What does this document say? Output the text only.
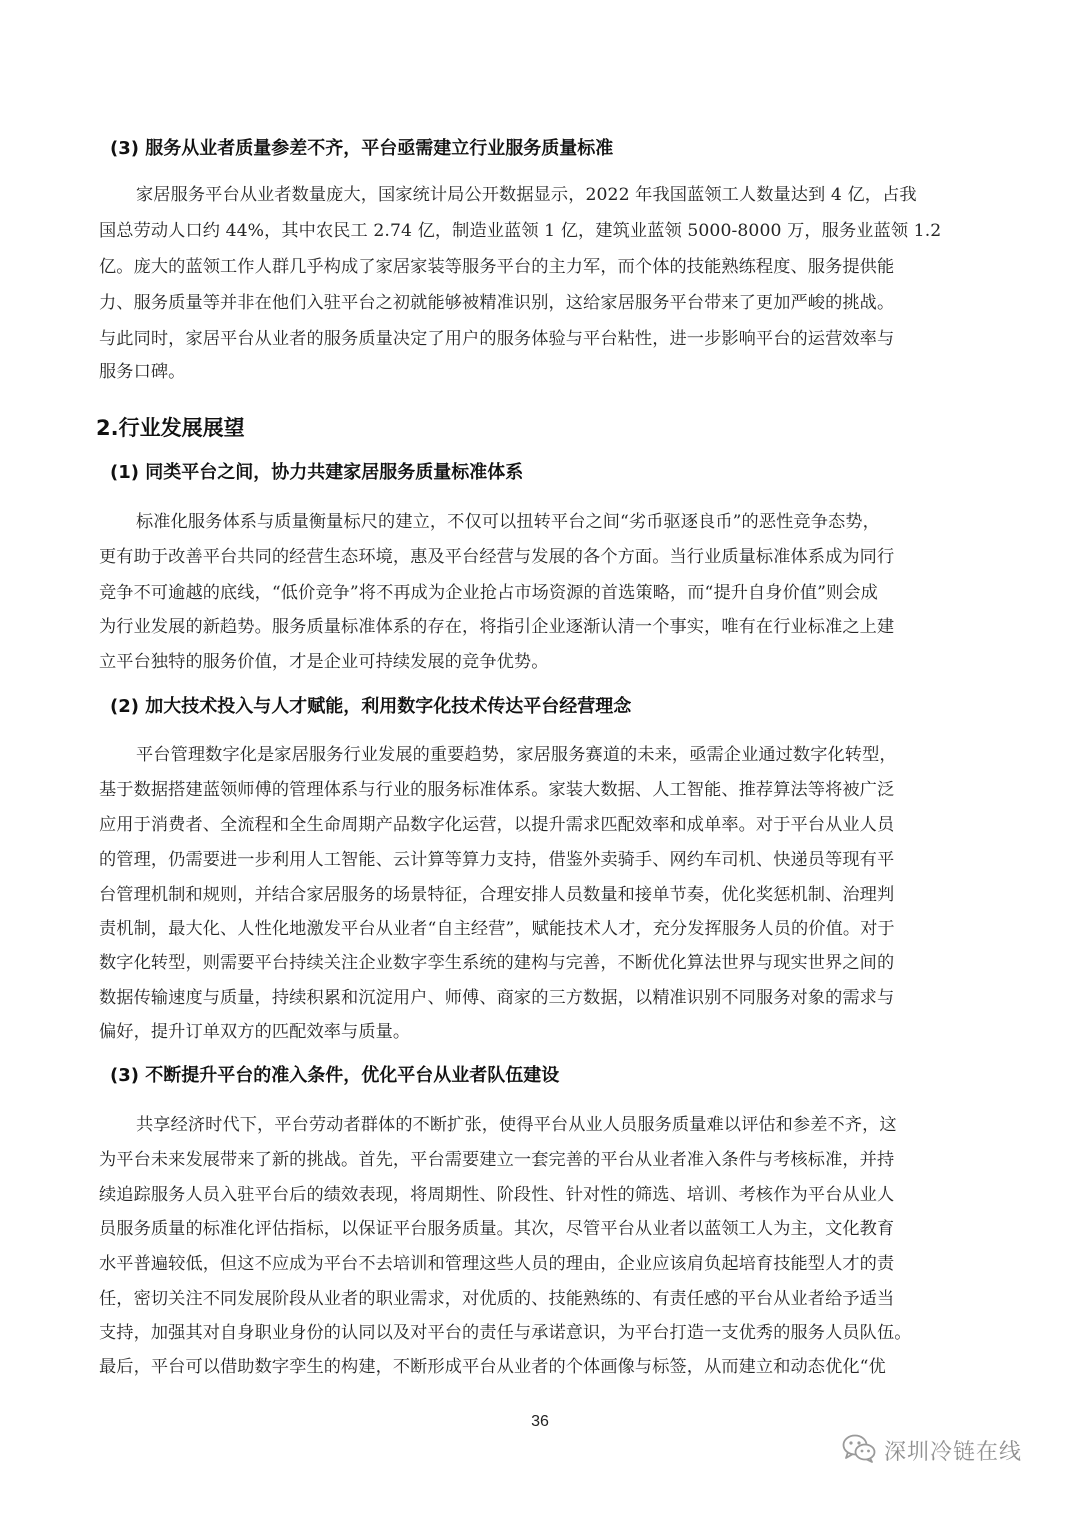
(3) 服务从业者质量参差不齐，平台亟需建立行业服务质量标准
家居服务平台从业者数量庞大，国家统计局公开数据显示，2022 年我国蓝领工人数量达到 4 亿，占我
国总劳动人口约 44%，其中农民工 2.74 亿，制造业蓝领 1 亿，建筑业蓝领 5000-8000 万，服务业蓝领 1.2
亿。庞大的蓝领工作人群几乎构成了家居家装等服务平台的主力军，而个体的技能熟练程度、服务提供能
力、服务质量等并非在他们入驻平台之初就能够被精准识别，这给家居服务平台带来了更加严峻的挑战。
与此同时，家居平台从业者的服务质量决定了用户的服务体验与平台粘性，进一步影响平台的运营效率与
服务口碑。
2.行业发展展望
(1) 同类平台之间，协力共建家居服务质量标准体系
标准化服务体系与质量衡量标尺的建立，不仅可以扭转平台之间“劣币驱逐良币”的恶性竞争态势，
更有助于改善平台共同的经营生态环境，惠及平台经营与发展的各个方面。当行业质量标准体系成为同行
竞争不可逾越的底线，“低价竞争”将不再成为企业抢占市场资源的首选策略，而“提升自身价值”则会成
为行业发展的新趋势。服务质量标准体系的存在，将指引企业逐渐认清一个事实，唯有在行业标准之上建
立平台独特的服务价值，才是企业可持续发展的竞争优势。
(2) 加大技术投入与人才赋能，利用数字化技术传达平台经营理念
平台管理数字化是家居服务行业发展的重要趋势，家居服务赛道的未来，亟需企业通过数字化转型，
基于数据搭建蓝领师傅的管理体系与行业的服务标准体系。家装大数据、人工智能、推荐算法等将被广泛
应用于消费者、全流程和全生命周期产品数字化运营，以提升需求匹配效率和成单率。对于平台从业人员
的管理，仍需要进一步利用人工智能、云计算等算力支持，借鉴外卖骑手、网约车司机、快递员等现有平
台管理机制和规则，并结合家居服务的场景特征，合理安排人员数量和接单节奏，优化奖惩机制、治理判
责机制，最大化、人性化地激发平台从业者“自主经营”，赋能技术人才，充分发挥服务人员的价值。对于
数字化转型，则需要平台持续关注企业数字孪生系统的建构与完善，不断优化算法世界与现实世界之间的
数据传输速度与质量，持续积累和沉淀用户、师傅、商家的三方数据，以精准识别不同服务对象的需求与
偏好，提升订单双方的匹配效率与质量。
(3) 不断提升平台的准入条件，优化平台从业者队伍建设
共享经济时代下，平台劳动者群体的不断扩张，使得平台从业人员服务质量难以评估和参差不齐，这
为平台未来发展带来了新的挑战。首先，平台需要建立一套完善的平台从业者准入条件与考核标准，并持
续追踪服务人员入驻平台后的绩效表现，将周期性、阶段性、针对性的筛选、培训、考核作为平台从业人
员服务质量的标准化评估指标，以保证平台服务质量。其次，尽管平台从业者以蓝领工人为主，文化教育
水平普遍较低，但这不应成为平台不去培训和管理这些人员的理由，企业应该肩负起培育技能型人才的责
任，密切关注不同发展阶段从业者的职业需求，对优质的、技能熟练的、有责任感的平台从业者给予适当
支持，加强其对自身职业身份的认同以及对平台的责任与承诺意识，为平台打造一支优秀的服务人员队伍。
最后，平台可以借助数字孪生的构建，不断形成平台从业者的个体画像与标签，从而建立和动态优化“优
36
深圳冷链在线
